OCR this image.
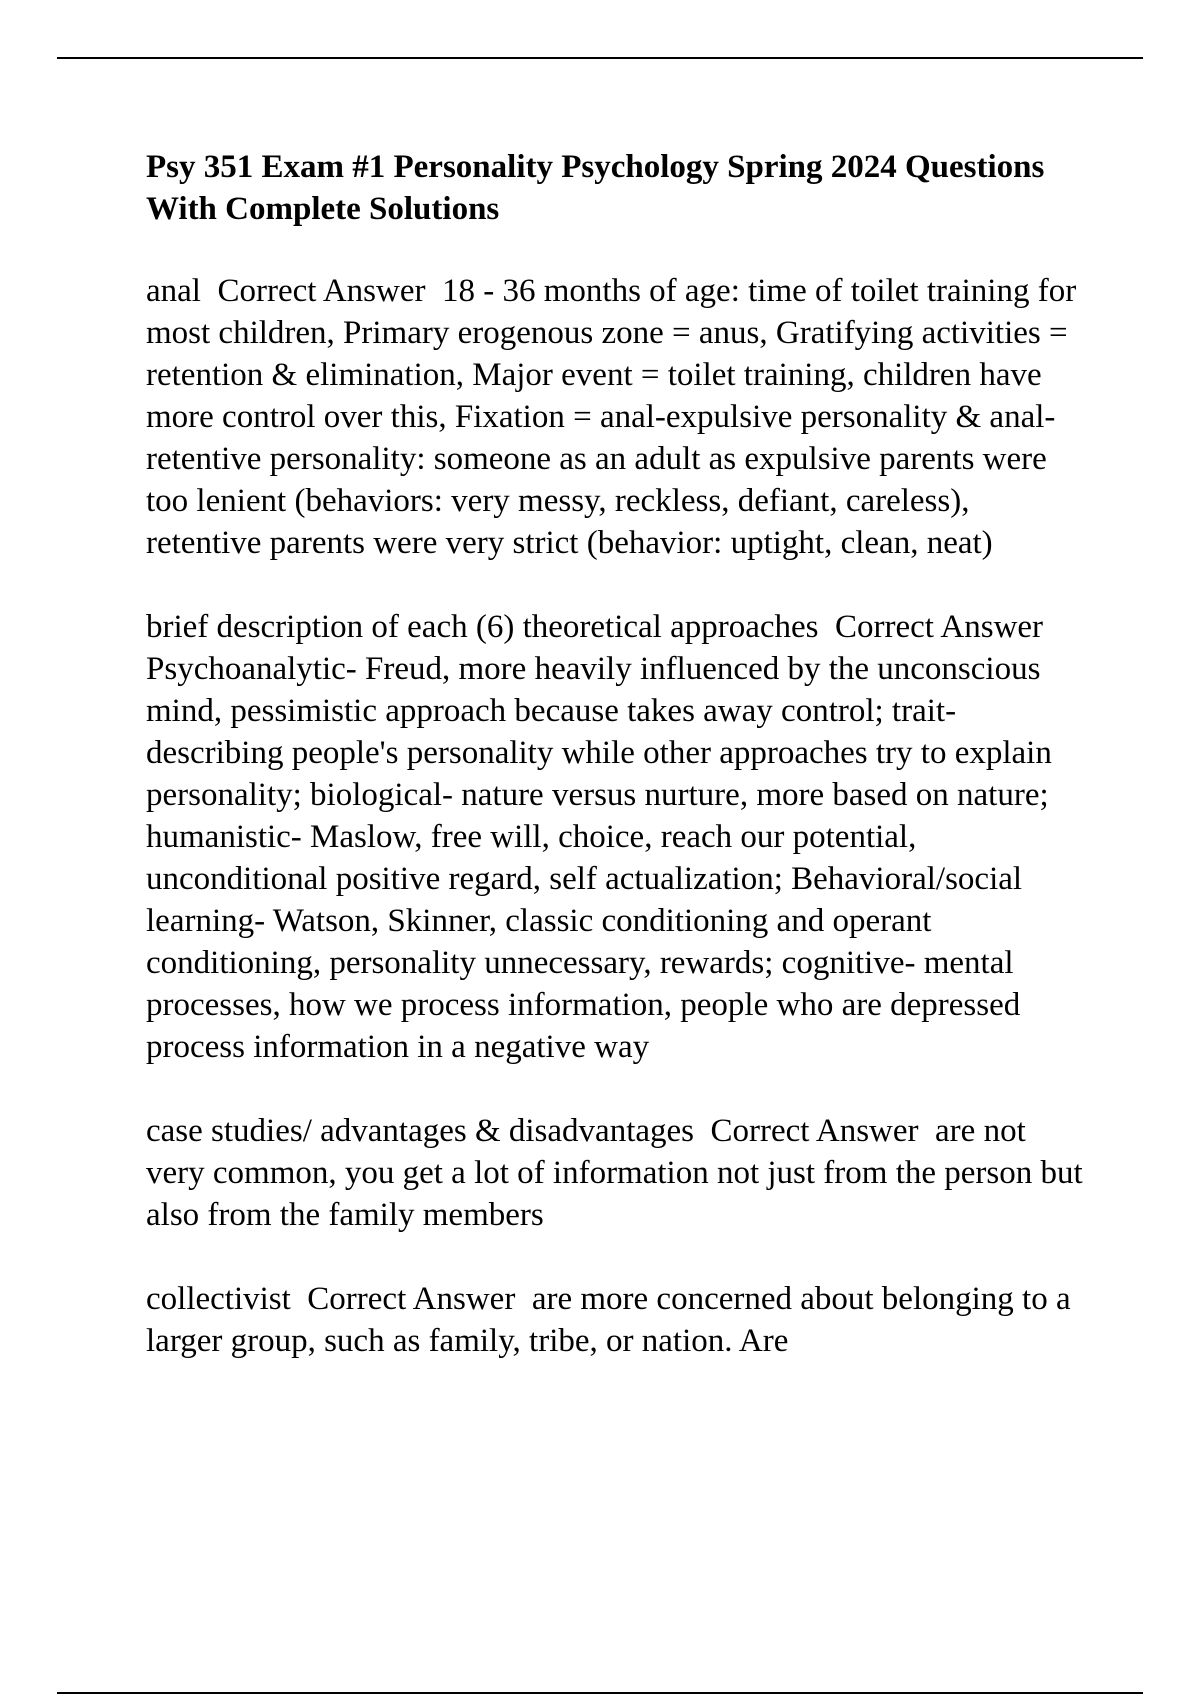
Psy 351 Exam #1 Personality Psychology Spring 2024 Questions With Complete Solutions

anal Correct Answer 18 - 36 months of age: time of toilet training for most children, Primary erogenous zone = anus, Gratifying activities = retention & elimination, Major event = toilet training, children have more control over this, Fixation = anal-expulsive personality & anal-retentive personality: someone as an adult as expulsive parents were too lenient (behaviors: very messy, reckless, defiant, careless), retentive parents were very strict (behavior: uptight, clean, neat)

brief description of each (6) theoretical approaches Correct Answer  Psychoanalytic- Freud, more heavily influenced by the unconscious mind, pessimistic approach because takes away control; trait- describing people's personality while other approaches try to explain personality; biological- nature versus nurture, more based on nature; humanistic- Maslow, free will, choice, reach our potential, unconditional positive regard, self actualization; Behavioral/social learning- Watson, Skinner, classic conditioning and operant conditioning, personality unnecessary, rewards; cognitive- mental processes, how we process information, people who are depressed process information in a negative way

case studies/ advantages & disadvantages Correct Answer are not very common, you get a lot of information not just from the person but also from the family members

collectivist Correct Answer are more concerned about belonging to a larger group, such as family, tribe, or nation. Are
